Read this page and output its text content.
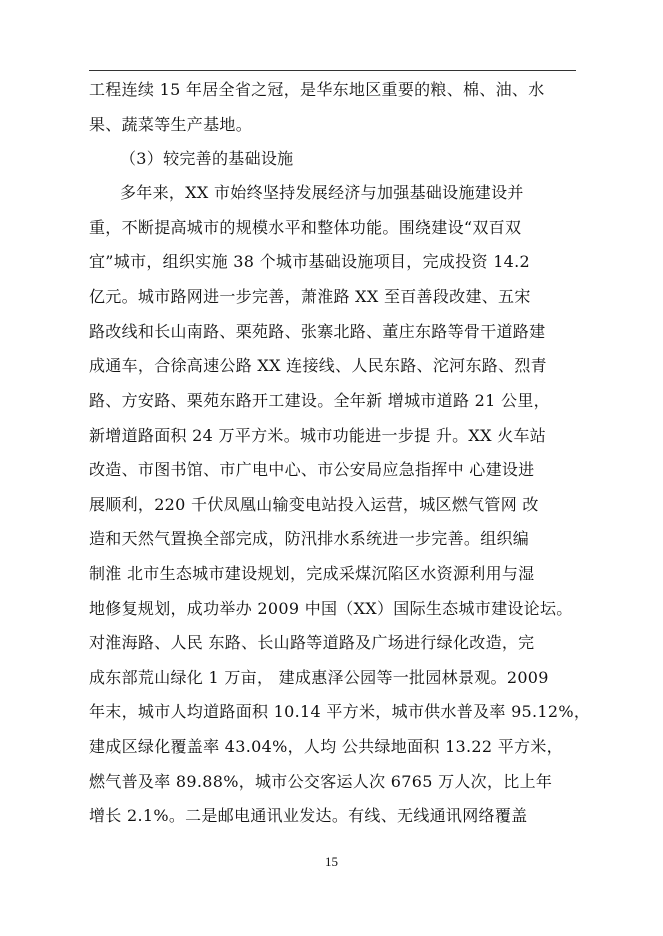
工程连续 15 年居全省之冠，是华东地区重要的粮、棉、油、水
果、蔬菜等生产基地。
（3）较完善的基础设施
多年来，XX 市始终坚持发展经济与加强基础设施建设并
重，不断提高城市的规模水平和整体功能。围绕建设“双百双
宜”城市，组织实施 38 个城市基础设施项目，完成投资 14.2
亿元。城市路网进一步完善，萧淮路 XX 至百善段改建、五宋
路改线和长山南路、栗苑路、张寨北路、董庄东路等骨干道路建
成通车，合徐高速公路 XX 连接线、人民东路、沱河东路、烈青
路、方安路、栗苑东路开工建设。全年新 增城市道路 21 公里，
新增道路面积 24 万平方米。城市功能进一步提 升。XX 火车站
改造、市图书馆、市广电中心、市公安局应急指挥中 心建设进
展顺利，220 千伏凤凰山输变电站投入运营，城区燃气管网 改
造和天然气置换全部完成，防汛排水系统进一步完善。组织编
制淮 北市生态城市建设规划，完成采煤沉陷区水资源利用与湿
地修复规划，成功举办 2009 中国（XX）国际生态城市建设论坛。
对淮海路、人民 东路、长山路等道路及广场进行绿化改造，完
成东部荒山绿化 1 万亩， 建成惠泽公园等一批园林景观。2009
年末，城市人均道路面积 10.14 平方米，城市供水普及率 95.12%，
建成区绿化覆盖率 43.04%，人均 公共绿地面积 13.22 平方米，
燃气普及率 89.88%，城市公交客运人次 6765 万人次，比上年
增长 2.1%。二是邮电通讯业发达。有线、无线通讯网络覆盖
15
